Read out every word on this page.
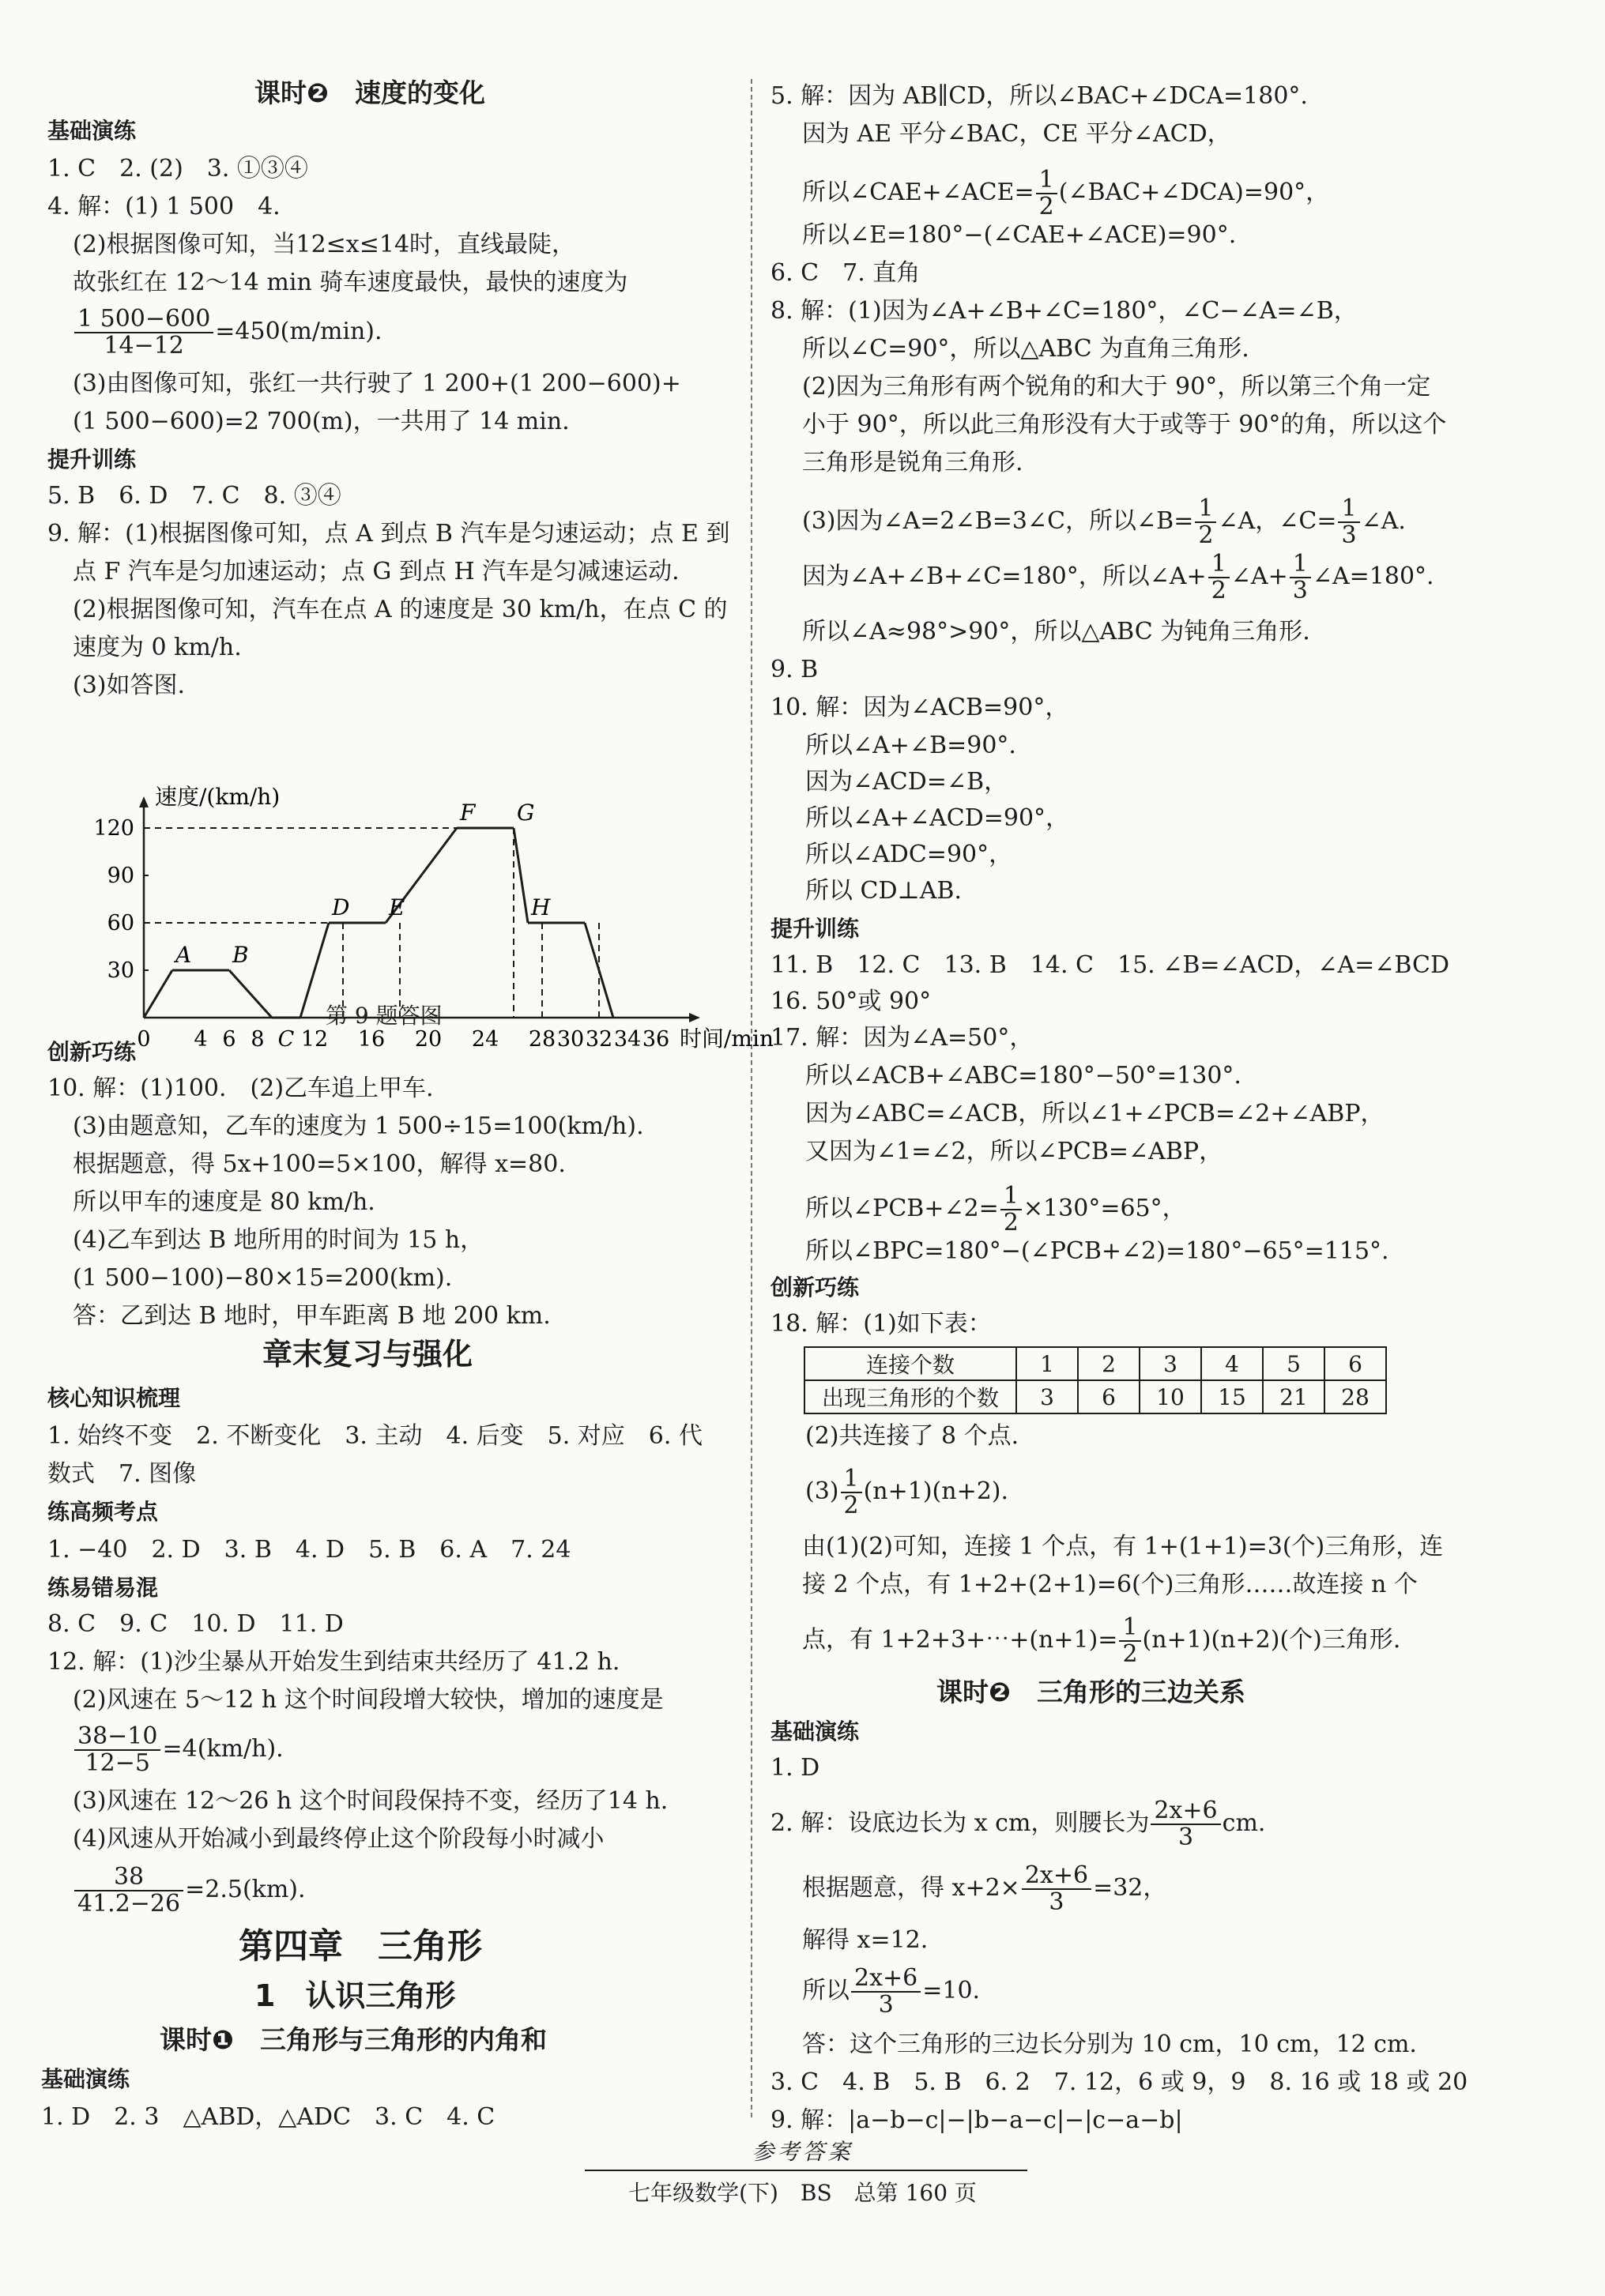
课时❷　速度的变化
基础演练
1. C　2. (2)　3. ①③④
4. 解：(1) 1 500　4.
(2)根据图像可知，当12≤x≤14时，直线最陡，
故张红在 12～14 min 骑车速度最快，最快的速度为
$\frac{1 500-600}{14-12} =450(m/\min)$.
(3)由图像可知，张红一共行驶了 1 200+(1 200−600)+
(1 500−600)=2 700(m)，一共用了 14 min.
提升训练
5. B　6. D　7. C　8. ③④
9. 解：(1)根据图像可知，点 A 到点 B 汽车是匀速运动；点 E 到
点 F 汽车是匀加速运动；点 G 到点 H 汽车是匀减速运动.
(2)根据图像可知，汽车在点 A 的速度是 30 km/h，在点 C 的
速度为 0 km/h.
(3)如答图.
速度/(km/h)
时间/min
30
60
90
120
0 4 6 8 C 12 16 20 24 28 30 32 34 36
A B
D E
F G
H
第 9 题答图
创新巧练
10. 解：(1)100.　(2)乙车追上甲车.
(3)由题意知，乙车的速度为 1 500÷15=100(km/h).
根据题意，得 5x+100=5×100，解得 x=80.
所以甲车的速度是 80 km/h.
(4)乙车到达 B 地所用的时间为 15 h，
(1 500−100)−80×15=200(km).
答：乙到达 B 地时，甲车距离 B 地 200 km.
章末复习与强化
核心知识梳理
1. 始终不变　2. 不断变化　3. 主动　4. 后变　5. 对应　6. 代
数式　7. 图像
练高频考点
1. −40　2. D　3. B　4. D　5. B　6. A　7. 24
练易错易混
8. C　9. C　10. D　11. D
12. 解：(1)沙尘暴从开始发生到结束共经历了 41.2 h.
(2)风速在 5～12 h 这个时间段增大较快，增加的速度是
$\frac{38-10}{12-5} =4(km/h)$.
(3)风速在 12～26 h 这个时间段保持不变，经历了14 h.
(4)风速从开始减小到最终停止这个阶段每小时减小
$\frac{38}{41.2-26} =2.5(km)$.
第四章　三角形
1　认识三角形
课时❶　三角形与三角形的内角和
基础演练
1. D　2. 3　△ABD，△ADC　3. C　4. C
5. 解：因为 AB∥CD，所以∠BAC+∠DCA=180°.
因为 AE 平分∠BAC，CE 平分∠ACD，
所以∠CAE+∠ACE= $\frac{1}{2}$ (∠BAC+∠DCA)=90°，
所以∠E=180°−(∠CAE+∠ACE)=90°.
6. C　7. 直角
8. 解：(1)因为∠A+∠B+∠C=180°，∠C−∠A=∠B，
所以∠C=90°，所以△ABC 为直角三角形.
(2)因为三角形有两个锐角的和大于 90°，所以第三个角一定
小于 90°，所以此三角形没有大于或等于 90°的角，所以这个
三角形是锐角三角形.
(3)因为∠A=2∠B=3∠C，所以∠B= $\frac{1}{2}$ ∠A，∠C= $\frac{1}{3}$ ∠A.
因为∠A+∠B+∠C=180°，所以∠A+ $\frac{1}{2}$ ∠A+ $\frac{1}{3}$ ∠A=180°.
所以∠A≈98°>90°，所以△ABC 为钝角三角形.
9. B
10. 解：因为∠ACB=90°，
所以∠A+∠B=90°.
因为∠ACD=∠B，
所以∠A+∠ACD=90°，
所以∠ADC=90°，
所以 CD⊥AB.
提升训练
11. B　12. C　13. B　14. C　15. ∠B=∠ACD，∠A=∠BCD
16. 50°或 90°
17. 解：因为∠A=50°，
所以∠ACB+∠ABC=180°−50°=130°.
因为∠ABC=∠ACB，所以∠1+∠PCB=∠2+∠ABP，
又因为∠1=∠2，所以∠PCB=∠ABP，
所以∠PCB+∠2= $\frac{1}{2} \times 130^\circ=65^\circ$，
所以∠BPC=180°−(∠PCB+∠2)=180°−65°=115°.
创新巧练
18. 解：(1)如下表：
连接个数	1	2	3	4	5	6
出现三角形的个数	3	6	10	15	21	28
(2)共连接了 8 个点.
$(3) \frac{1}{2} (n+1)(n+2)$.
由(1)(2)可知，连接 1 个点，有 1+(1+1)=3(个)三角形，连
接 2 个点，有 1+2+(2+1)=6(个)三角形……故连接 n 个
点，有 1+2+3+⋯+(n+1)= $\frac{1}{2} (n+1)(n+2)$(个)三角形.
课时❷　三角形的三边关系
基础演练
1. D
2. 解：设底边长为 x cm，则腰长为 $\frac{2x+6}{3}$ cm.
根据题意，得 $x+2\times \frac{2x+6}{3} =32$，
解得 x=12.
所以 $\frac{2x+6}{3} =10$.
答：这个三角形的三边长分别为 10 cm，10 cm，12 cm.
3. C　4. B　5. B　6. 2　7. 12，6 或 9，9　8. 16 或 18 或 20
9. 解：|a−b−c|−|b−a−c|−|c−a−b|
参考答案
七年级数学(下)　BS　总第 160 页
